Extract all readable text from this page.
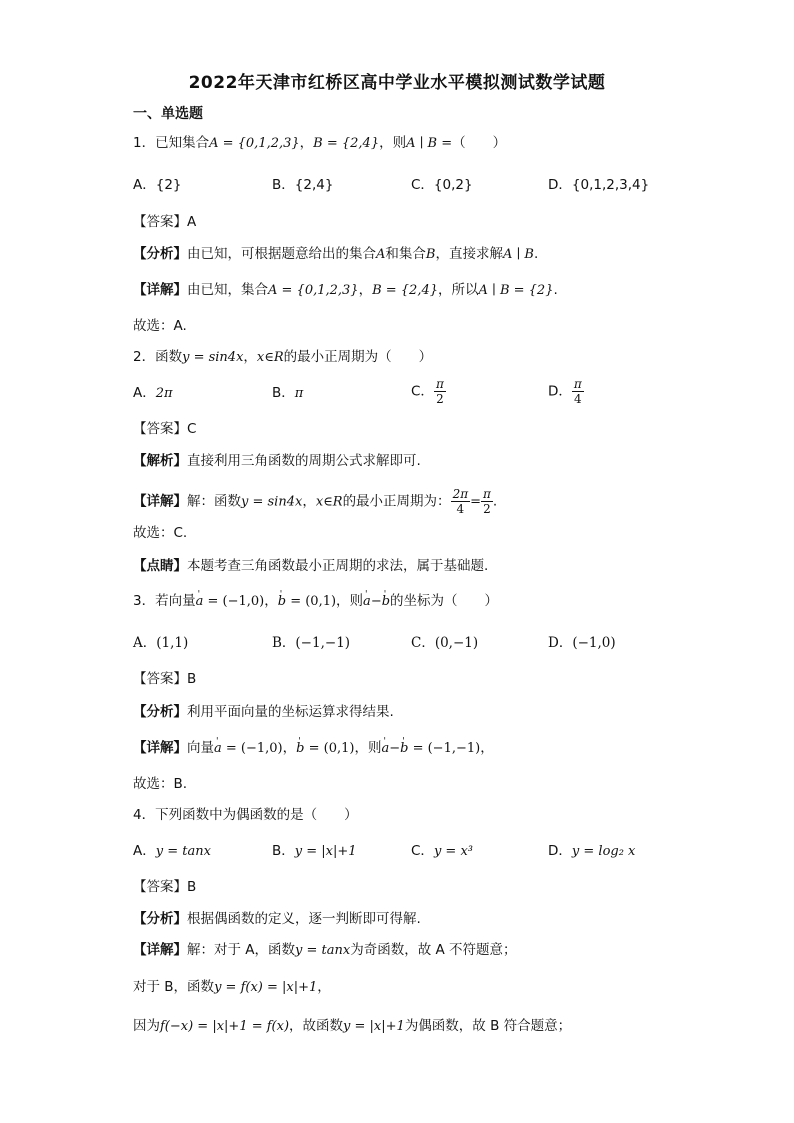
2022年天津市红桥区高中学业水平模拟测试数学试题
一、单选题
1．已知集合A = {0,1,2,3}，B = {2,4}，则A ∣ B =（　　）
A．{2}	B．{2,4}	C．{0,2}	D．{0,1,2,3,4}
【答案】A
【分析】由已知，可根据题意给出的集合A和集合B，直接求解A ∣ B.
【详解】由已知，集合A = {0,1,2,3}，B = {2,4}，所以A ∣ B = {2}.
故选：A.
2．函数y = sin4x，x∈R的最小正周期为（　　）
A．2π	B．π	C． $\frac{\pi}{2}$	D． $\frac{\pi}{4}$
【答案】C
【解析】直接利用三角函数的周期公式求解即可.
【详解】解：函数y = sin4x，x∈R的最小正周期为： $\frac{2\pi}{4} = \frac{\pi}{2}$ .
故选：C.
【点睛】本题考查三角函数最小正周期的求法，属于基础题.
3．若向量' a = (−1,0)，' b = (0,1)，则' a−' b的坐标为（　　）
A．(1,1)	B．(−1,−1)	C．(0,−1)	D．(−1,0)
【答案】B
【分析】利用平面向量的坐标运算求得结果.
【详解】向量' a = (−1,0)，' b = (0,1)，则' a−' b = (−1,−1)，
故选：B.
4．下列函数中为偶函数的是（　　）
A．y = tanx	B．y = |x|+1	C．y = x³	D．y = log₂ x
【答案】B
【分析】根据偶函数的定义，逐一判断即可得解.
【详解】解：对于 A，函数y = tanx为奇函数，故 A 不符题意；
对于 B，函数y = f(x) = |x|+1，
因为f(−x) = |x|+1 = f(x)，故函数y = |x|+1为偶函数，故 B 符合题意；
